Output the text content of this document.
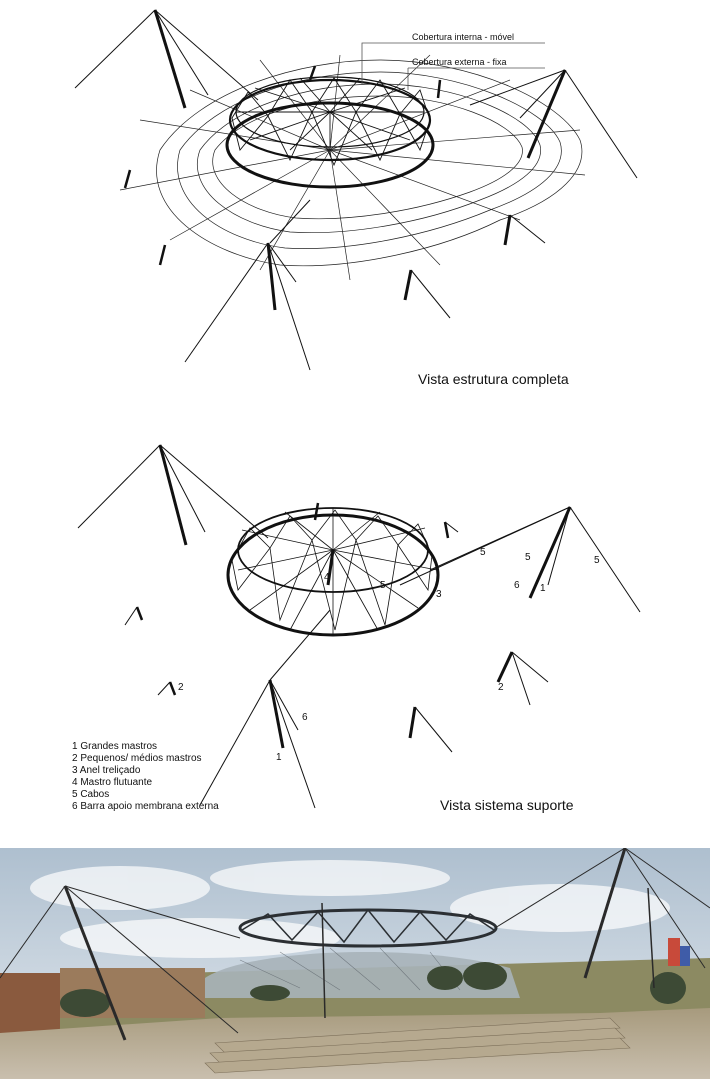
Cobertura interna - móvel
Cobertura externa - fixa
Vista estrutura completa
1
1
2	2
3
4
5
5	5	5
6
6
Vista sistema suporte
1 Grandes mastros
2 Pequenos/ médios mastros
3 Anel treliçado
4 Mastro flutuante
5 Cabos
6 Barra apoio membrana externa
